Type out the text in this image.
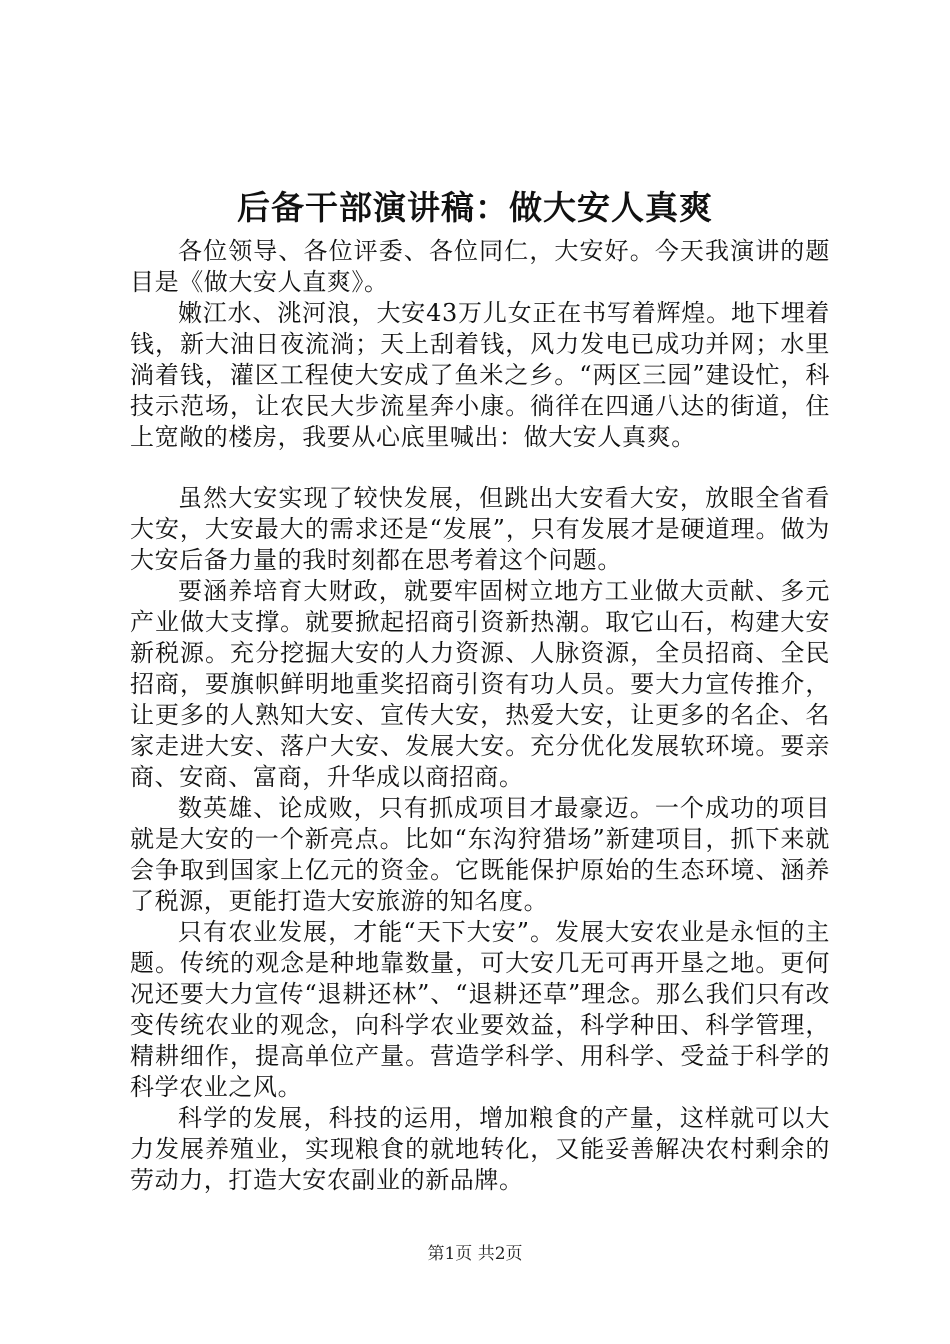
后备干部演讲稿：做大安人真爽

各位领导、各位评委、各位同仁，大安好。今天我演讲的题目是《做大安人直爽》。

嫩江水、洮河浪，大安43万儿女正在书写着辉煌。地下埋着钱，新大油日夜流淌；天上刮着钱，风力发电已成功并网；水里淌着钱，灌区工程使大安成了鱼米之乡。“两区三园”建设忙，科技示范场，让农民大步流星奔小康。徜徉在四通八达的街道，住上宽敞的楼房，我要从心底里喊出：做大安人真爽。

虽然大安实现了较快发展，但跳出大安看大安，放眼全省看大安，大安最大的需求还是“发展”，只有发展才是硬道理。做为大安后备力量的我时刻都在思考着这个问题。

要涵养培育大财政，就要牢固树立地方工业做大贡献、多元产业做大支撑。就要掀起招商引资新热潮。取它山石，构建大安新税源。充分挖掘大安的人力资源、人脉资源，全员招商、全民招商，要旗帜鲜明地重奖招商引资有功人员。要大力宣传推介，让更多的人熟知大安、宣传大安，热爱大安，让更多的名企、名家走进大安、落户大安、发展大安。充分优化发展软环境。要亲商、安商、富商，升华成以商招商。

数英雄、论成败，只有抓成项目才最豪迈。一个成功的项目就是大安的一个新亮点。比如“东沟狩猎场”新建项目，抓下来就会争取到国家上亿元的资金。它既能保护原始的生态环境、涵养了税源，更能打造大安旅游的知名度。

只有农业发展，才能“天下大安”。发展大安农业是永恒的主题。传统的观念是种地靠数量，可大安几无可再开垦之地。更何况还要大力宣传“退耕还林”、“退耕还草”理念。那么我们只有改变传统农业的观念，向科学农业要效益，科学种田、科学管理，精耕细作，提高单位产量。营造学科学、用科学、受益于科学的科学农业之风。

科学的发展，科技的运用，增加粮食的产量，这样就可以大力发展养殖业，实现粮食的就地转化，又能妥善解决农村剩余的劳动力，打造大安农副业的新品牌。

第1页 共2页
